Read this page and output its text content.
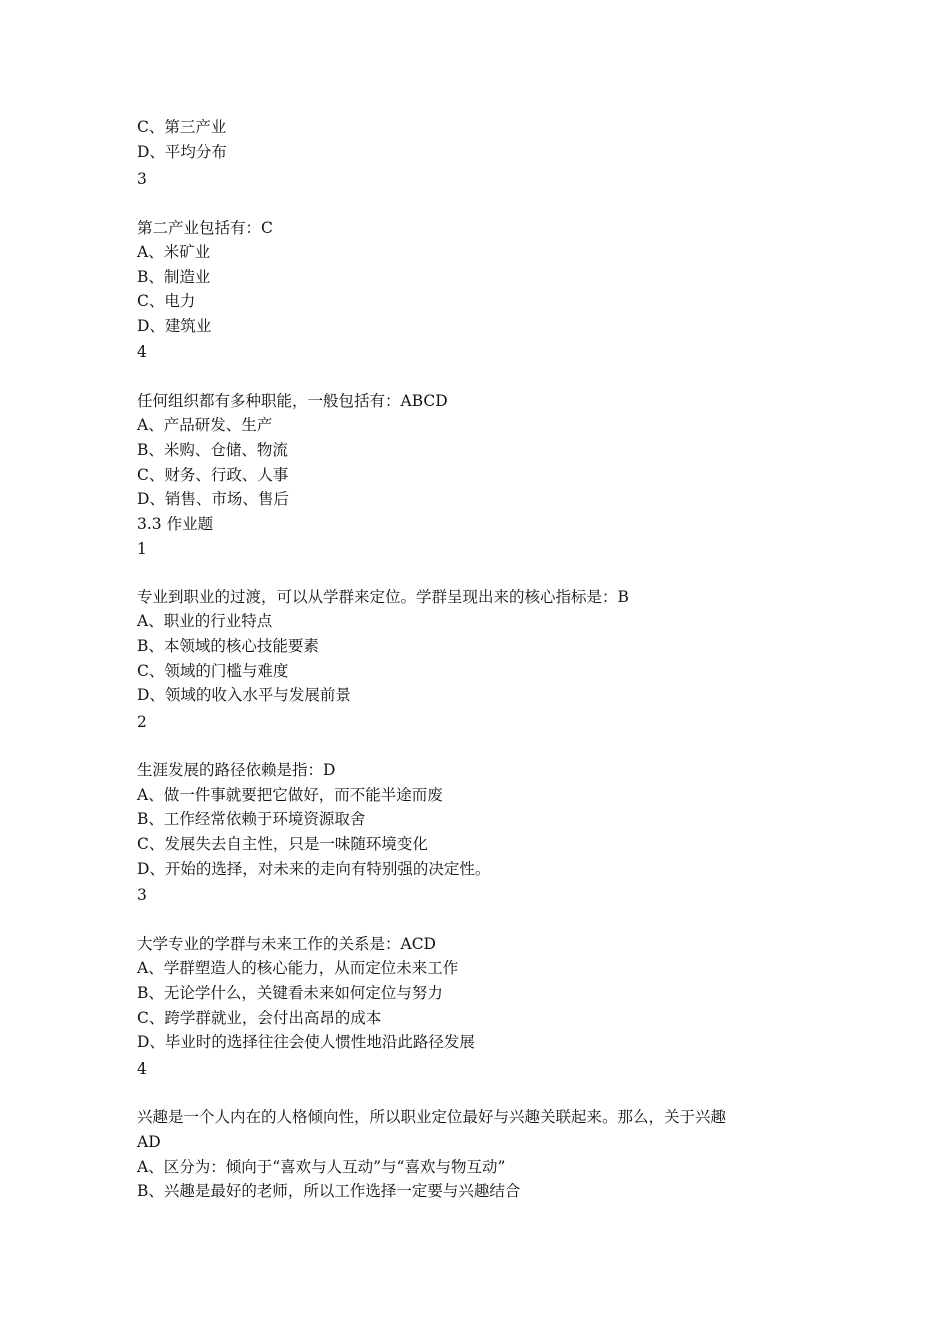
C、第三产业
D、平均分布
3
第二产业包括有：C
A、米矿业
B、制造业
C、电力
D、建筑业
4
任何组织都有多种职能，一般包括有：ABCD
A、产品研发、生产
B、米购、仓储、物流
C、财务、行政、人事
D、销售、市场、售后
3.3 作业题
1
专业到职业的过渡，可以从学群来定位。学群呈现出来的核心指标是：B
A、职业的行业特点
B、本领域的核心技能要素
C、领域的门槛与难度
D、领域的收入水平与发展前景
2
生涯发展的路径依赖是指：D
A、做一件事就要把它做好，而不能半途而废
B、工作经常依赖于环境资源取舍
C、发展失去自主性，只是一味随环境变化
D、开始的选择，对未来的走向有特别强的决定性。
3
大学专业的学群与未来工作的关系是：ACD
A、学群塑造人的核心能力，从而定位未来工作
B、无论学什么，关键看未来如何定位与努力
C、跨学群就业，会付出高昂的成本
D、毕业时的选择往往会使人惯性地沿此路径发展
4
兴趣是一个人内在的人格倾向性，所以职业定位最好与兴趣关联起来。那么，关于兴趣
AD
A、区分为：倾向于“喜欢与人互动”与“喜欢与物互动”
B、兴趣是最好的老师，所以工作选择一定要与兴趣结合
